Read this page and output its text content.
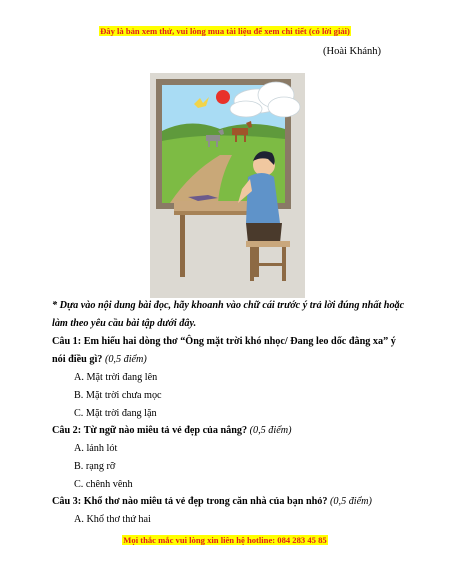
Đây là bản xem thử, vui lòng mua tài liệu để xem chi tiết (có lời giải)
(Hoài Khánh)
* Dựa vào nội dung bài đọc, hãy khoanh vào chữ cái trước ý trả lời đúng nhất hoặc
làm theo yêu cầu bài tập dưới đây.
Câu 1: Em hiểu hai dòng thơ “Ông mặt trời khó nhọc/ Đang leo dốc đằng xa” ý
nói điều gì? (0,5 điểm)
A. Mặt trời đang lên
B. Mặt trời chưa mọc
C. Mặt trời đang lặn
Câu 2: Từ ngữ nào miêu tả vẻ đẹp của nắng? (0,5 điểm)
A. lảnh lót
B. rạng rỡ
C. chênh vênh
Câu 3: Khổ thơ nào miêu tả vẻ đẹp trong căn nhà của bạn nhỏ? (0,5 điểm)
A. Khổ thơ thứ hai
Mọi thắc mắc vui lòng xin liên hệ hotline: 084 283 45 85
